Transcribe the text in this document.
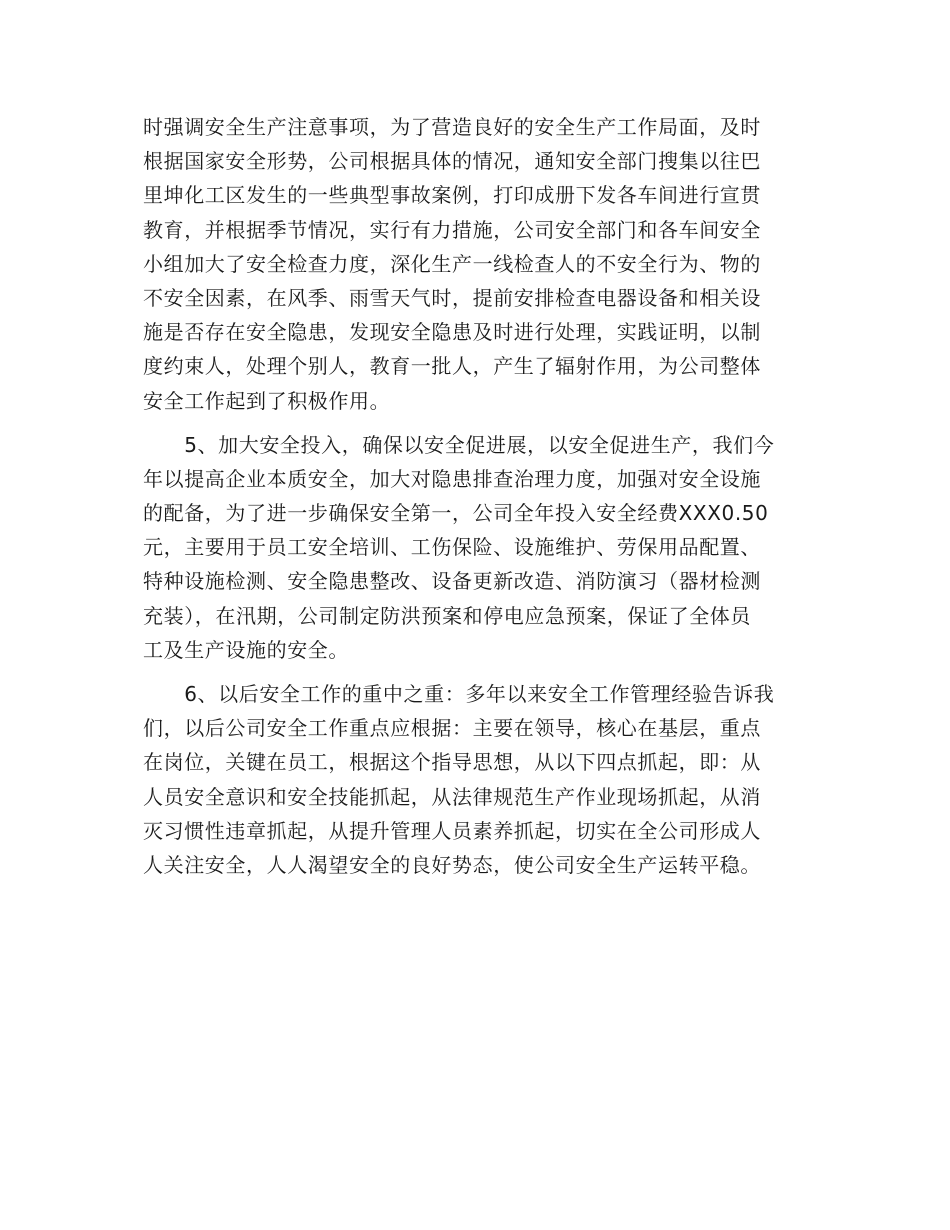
时强调安全生产注意事项，为了营造良好的安全生产工作局面，及时
根据国家安全形势，公司根据具体的情况，通知安全部门搜集以往巴
里坤化工区发生的一些典型事故案例，打印成册下发各车间进行宣贯
教育，并根据季节情况，实行有力措施，公司安全部门和各车间安全
小组加大了安全检查力度，深化生产一线检查人的不安全行为、物的
不安全因素，在风季、雨雪天气时，提前安排检查电器设备和相关设
施是否存在安全隐患，发现安全隐患及时进行处理，实践证明，以制
度约束人，处理个别人，教育一批人，产生了辐射作用，为公司整体
安全工作起到了积极作用。
　　5、加大安全投入，确保以安全促进展，以安全促进生产，我们今
年以提高企业本质安全，加大对隐患排查治理力度，加强对安全设施
的配备，为了进一步确保安全第一，公司全年投入安全经费XXX0.50
元，主要用于员工安全培训、工伤保险、设施维护、劳保用品配置、
特种设施检测、安全隐患整改、设备更新改造、消防演习（器材检测
充装），在汛期，公司制定防洪预案和停电应急预案，保证了全体员
工及生产设施的安全。
　　6、以后安全工作的重中之重：多年以来安全工作管理经验告诉我
们，以后公司安全工作重点应根据：主要在领导，核心在基层，重点
在岗位，关键在员工，根据这个指导思想，从以下四点抓起，即：从
人员安全意识和安全技能抓起，从法律规范生产作业现场抓起，从消
灭习惯性违章抓起，从提升管理人员素养抓起，切实在全公司形成人
人关注安全，人人渴望安全的良好势态，使公司安全生产运转平稳。
